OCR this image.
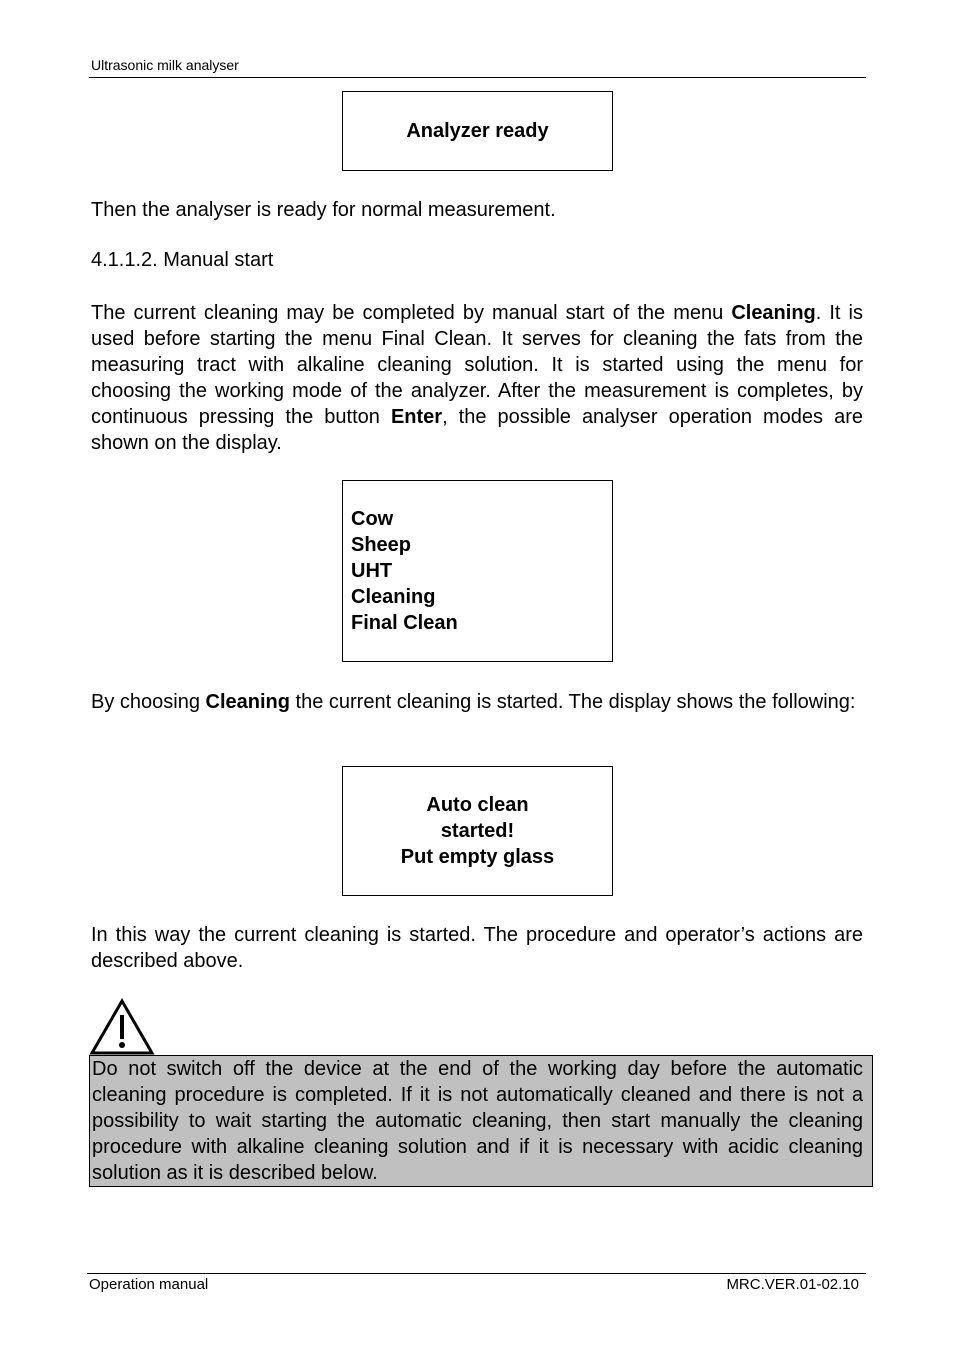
Ultrasonic milk analyser
Analyzer ready
Then the analyser is ready for normal measurement.
4.1.1.2. Manual start
The current cleaning may be completed by manual start of the menu Cleaning. It is used before starting the menu Final Clean. It serves for cleaning the fats from the measuring tract with alkaline cleaning solution. It is started using the menu for choosing the working mode of the analyzer. After the measurement is completes, by continuous pressing the button Enter, the possible analyser operation modes are shown on the display.
Cow
Sheep
UHT
Cleaning
Final Clean
By choosing Cleaning the current cleaning is started. The display shows the following:
Auto clean
started!
Put empty glass
In this way the current cleaning is started. The procedure and operator’s actions are described above.
Do not switch off the device at the end of the working day before the automatic cleaning procedure is completed. If it is not automatically cleaned and there is not a possibility to wait starting the automatic cleaning, then start manually the cleaning procedure with alkaline cleaning solution and if it is necessary with acidic cleaning solution as it is described below.
Operation manual	MRC.VER.01-02.10
